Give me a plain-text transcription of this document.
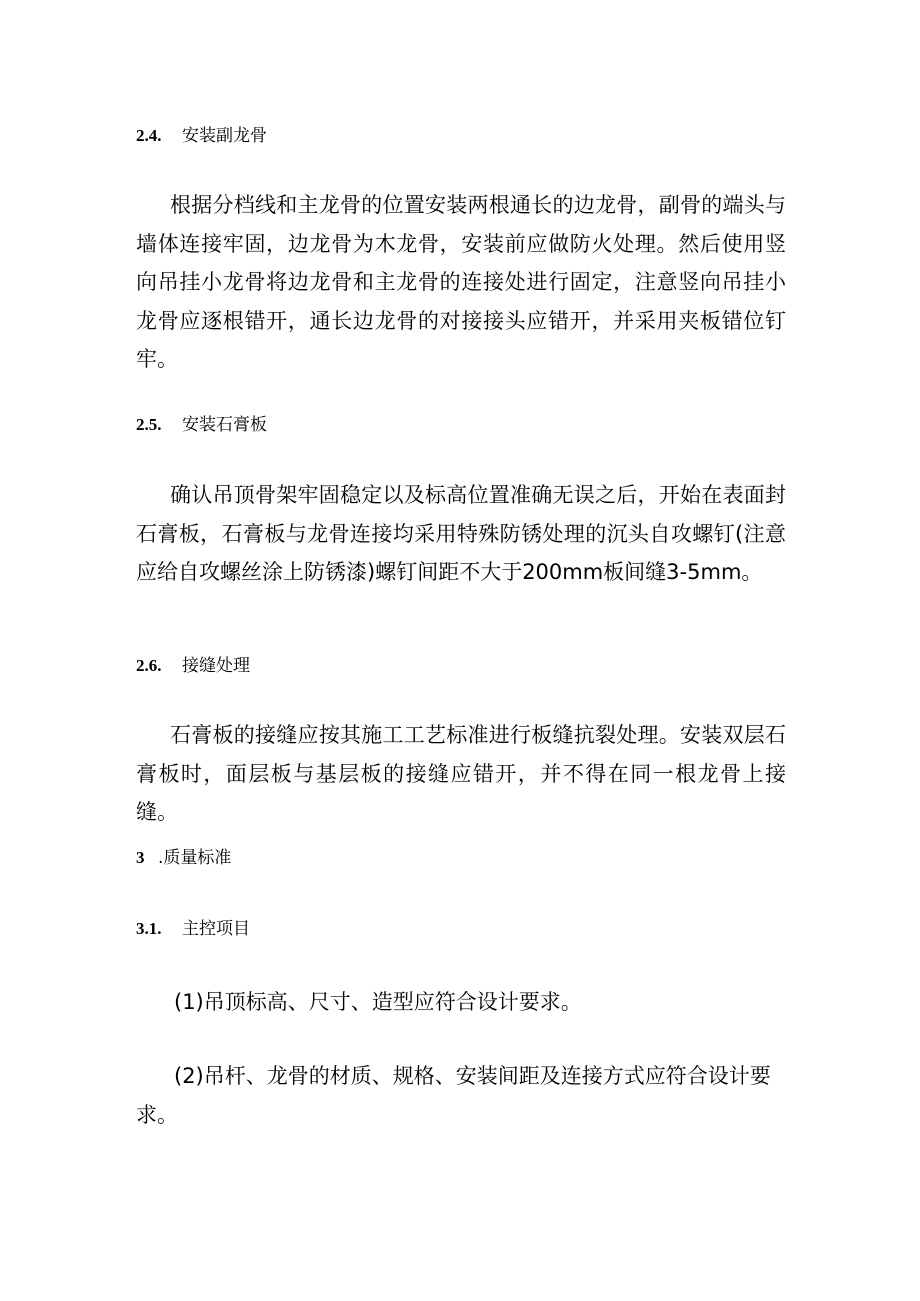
2.4. 安装副龙骨
根据分档线和主龙骨的位置安装两根通长的边龙骨，副骨的端头与墙体连接牢固，边龙骨为木龙骨，安装前应做防火处理。然后使用竖向吊挂小龙骨将边龙骨和主龙骨的连接处进行固定，注意竖向吊挂小龙骨应逐根错开，通长边龙骨的对接接头应错开，并采用夹板错位钉牢。
2.5. 安装石膏板
确认吊顶骨架牢固稳定以及标高位置准确无误之后，开始在表面封石膏板，石膏板与龙骨连接均采用特殊防锈处理的沉头自攻螺钉(注意应给自攻螺丝涂上防锈漆)螺钉间距不大于200mm板间缝3-5mm。
2.6. 接缝处理
石膏板的接缝应按其施工工艺标准进行板缝抗裂处理。安装双层石膏板时，面层板与基层板的接缝应错开，并不得在同一根龙骨上接缝。
3 .质量标准
3.1. 主控项目
(1)吊顶标高、尺寸、造型应符合设计要求。
(2)吊杆、龙骨的材质、规格、安装间距及连接方式应符合设计要求。
